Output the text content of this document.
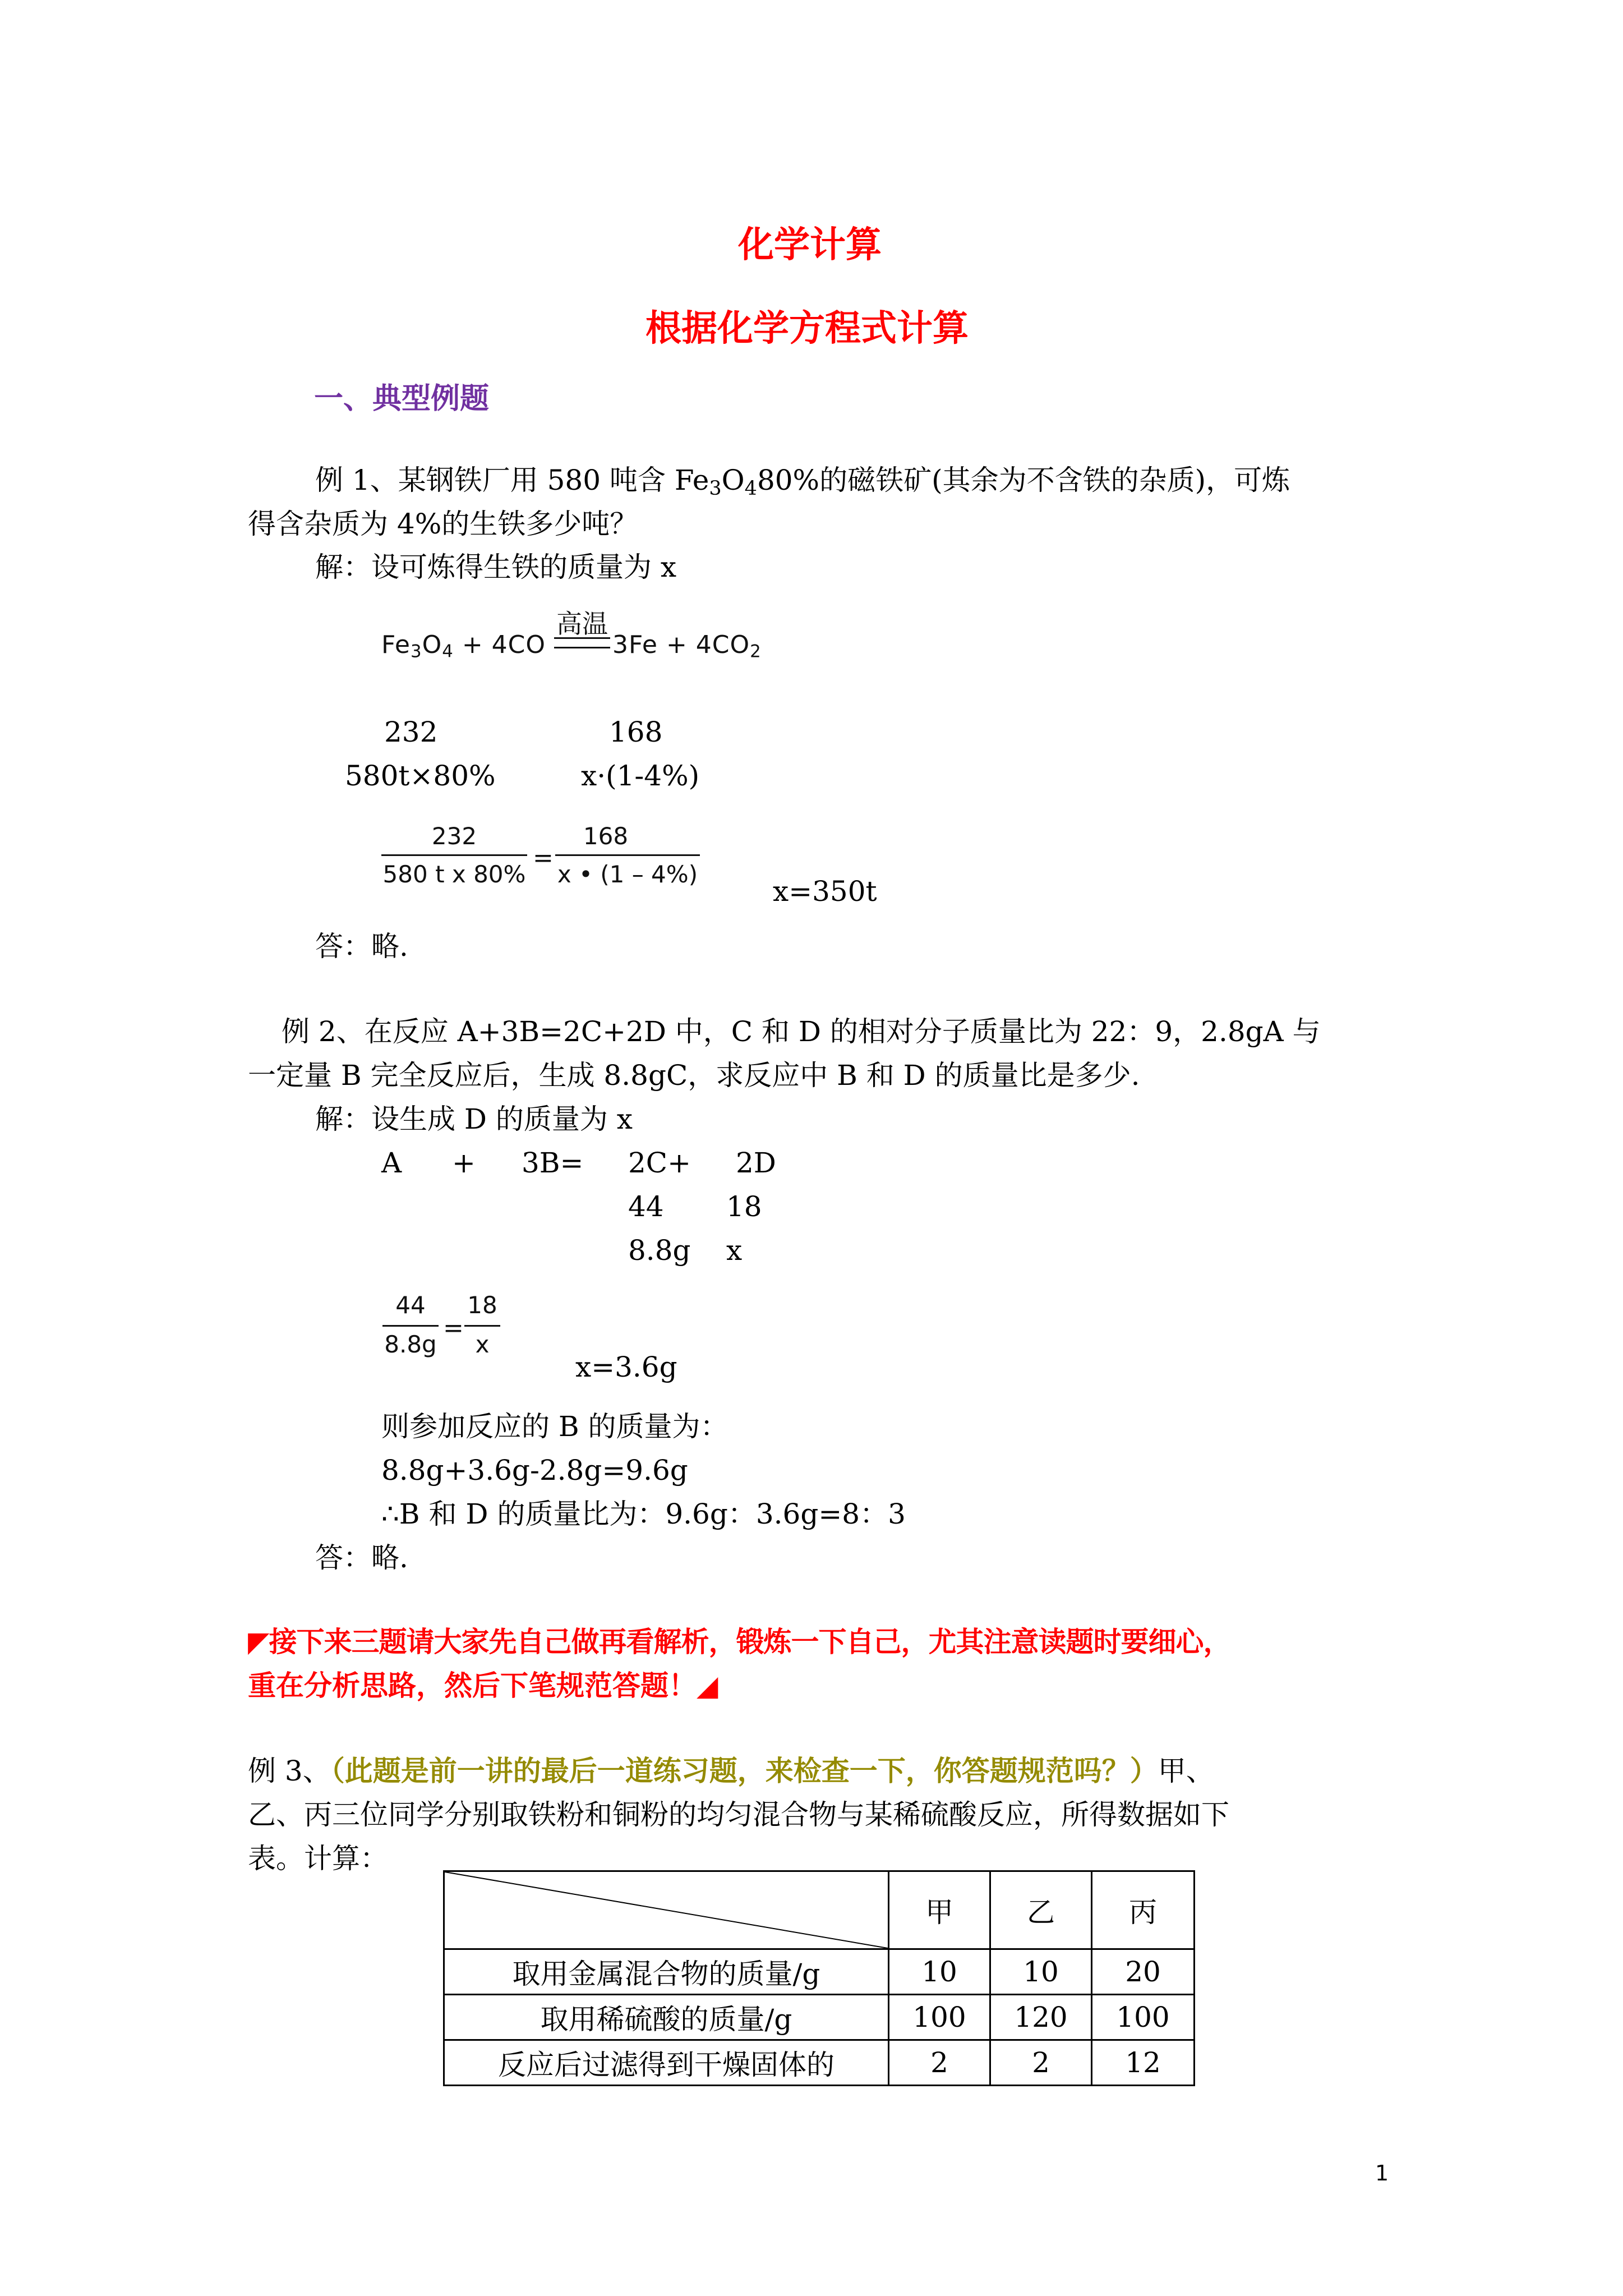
化学计算
根据化学方程式计算
一、典型例题
例 1、某钢铁厂用 580 吨含 $Fe_3O_480\%$的磁铁矿(其余为不含铁的杂质)，可炼
得含杂质为 4%的生铁多少吨？
解：设可炼得生铁的质量为 x
$Fe_3O_4 + 4CO$
高温
$3Fe + 4CO_2$
232	168
580t×80%	x·(1-4%)
232
580 t x 80%
=
168
x • (1 – 4%)
x=350t
答：略.
例 2、在反应 A+3B=2C+2D 中，C 和 D 的相对分子质量比为 22：9，2.8gA 与
一定量 B 完全反应后，生成 8.8gC，求反应中 B 和 D 的质量比是多少.
解：设生成 D 的质量为 x
A + 3B= 2C+ 2D
44 18
8.8g x
44
8.8g
=
18
x
x=3.6g
则参加反应的 B 的质量为：
8.8g+3.6g-2.8g=9.6g
∴B 和 D 的质量比为：9.6g：3.6g=8：3
答：略.
◤接下来三题请大家先自己做再看解析，锻炼一下自己，尤其注意读题时要细心，
重在分析思路，然后下笔规范答题！◢
例 3、（此题是前一讲的最后一道练习题，来检查一下，你答题规范吗？）甲、
乙、丙三位同学分别取铁粉和铜粉的均匀混合物与某稀硫酸反应，所得数据如下
表。计算：
	甲	乙	丙
取用金属混合物的质量/g	10	10	20
取用稀硫酸的质量/g	100	120	100
反应后过滤得到干燥固体的	2	2	12
1
